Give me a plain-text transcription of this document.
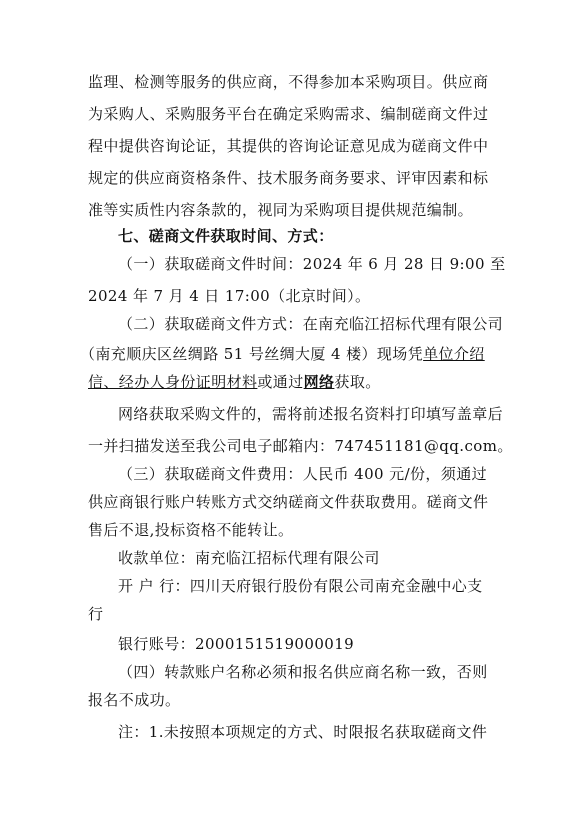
监理、检测等服务的供应商，不得参加本采购项目。供应商
为采购人、采购服务平台在确定采购需求、编制磋商文件过
程中提供咨询论证，其提供的咨询论证意见成为磋商文件中
规定的供应商资格条件、技术服务商务要求、评审因素和标
准等实质性内容条款的，视同为采购项目提供规范编制。
七、磋商文件获取时间、方式：
（一）获取磋商文件时间：2024 年 6 月 28 日 9:00 至
2024 年 7 月 4 日 17:00（北京时间）。
（二）获取磋商文件方式：在南充临江招标代理有限公司
（南充顺庆区丝绸路 51 号丝绸大厦 4 楼）现场凭单位介绍
信、经办人身份证明材料或通过网络获取。
网络获取采购文件的，需将前述报名资料打印填写盖章后
一并扫描发送至我公司电子邮箱内：747451181@qq.com。
（三）获取磋商文件费用：人民币 400 元/份，须通过
供应商银行账户转账方式交纳磋商文件获取费用。磋商文件
售后不退,投标资格不能转让。
收款单位：南充临江招标代理有限公司
开 户 行：四川天府银行股份有限公司南充金融中心支
行
银行账号：2000151519000019
（四）转款账户名称必须和报名供应商名称一致，否则
报名不成功。
注：1.未按照本项规定的方式、时限报名获取磋商文件
